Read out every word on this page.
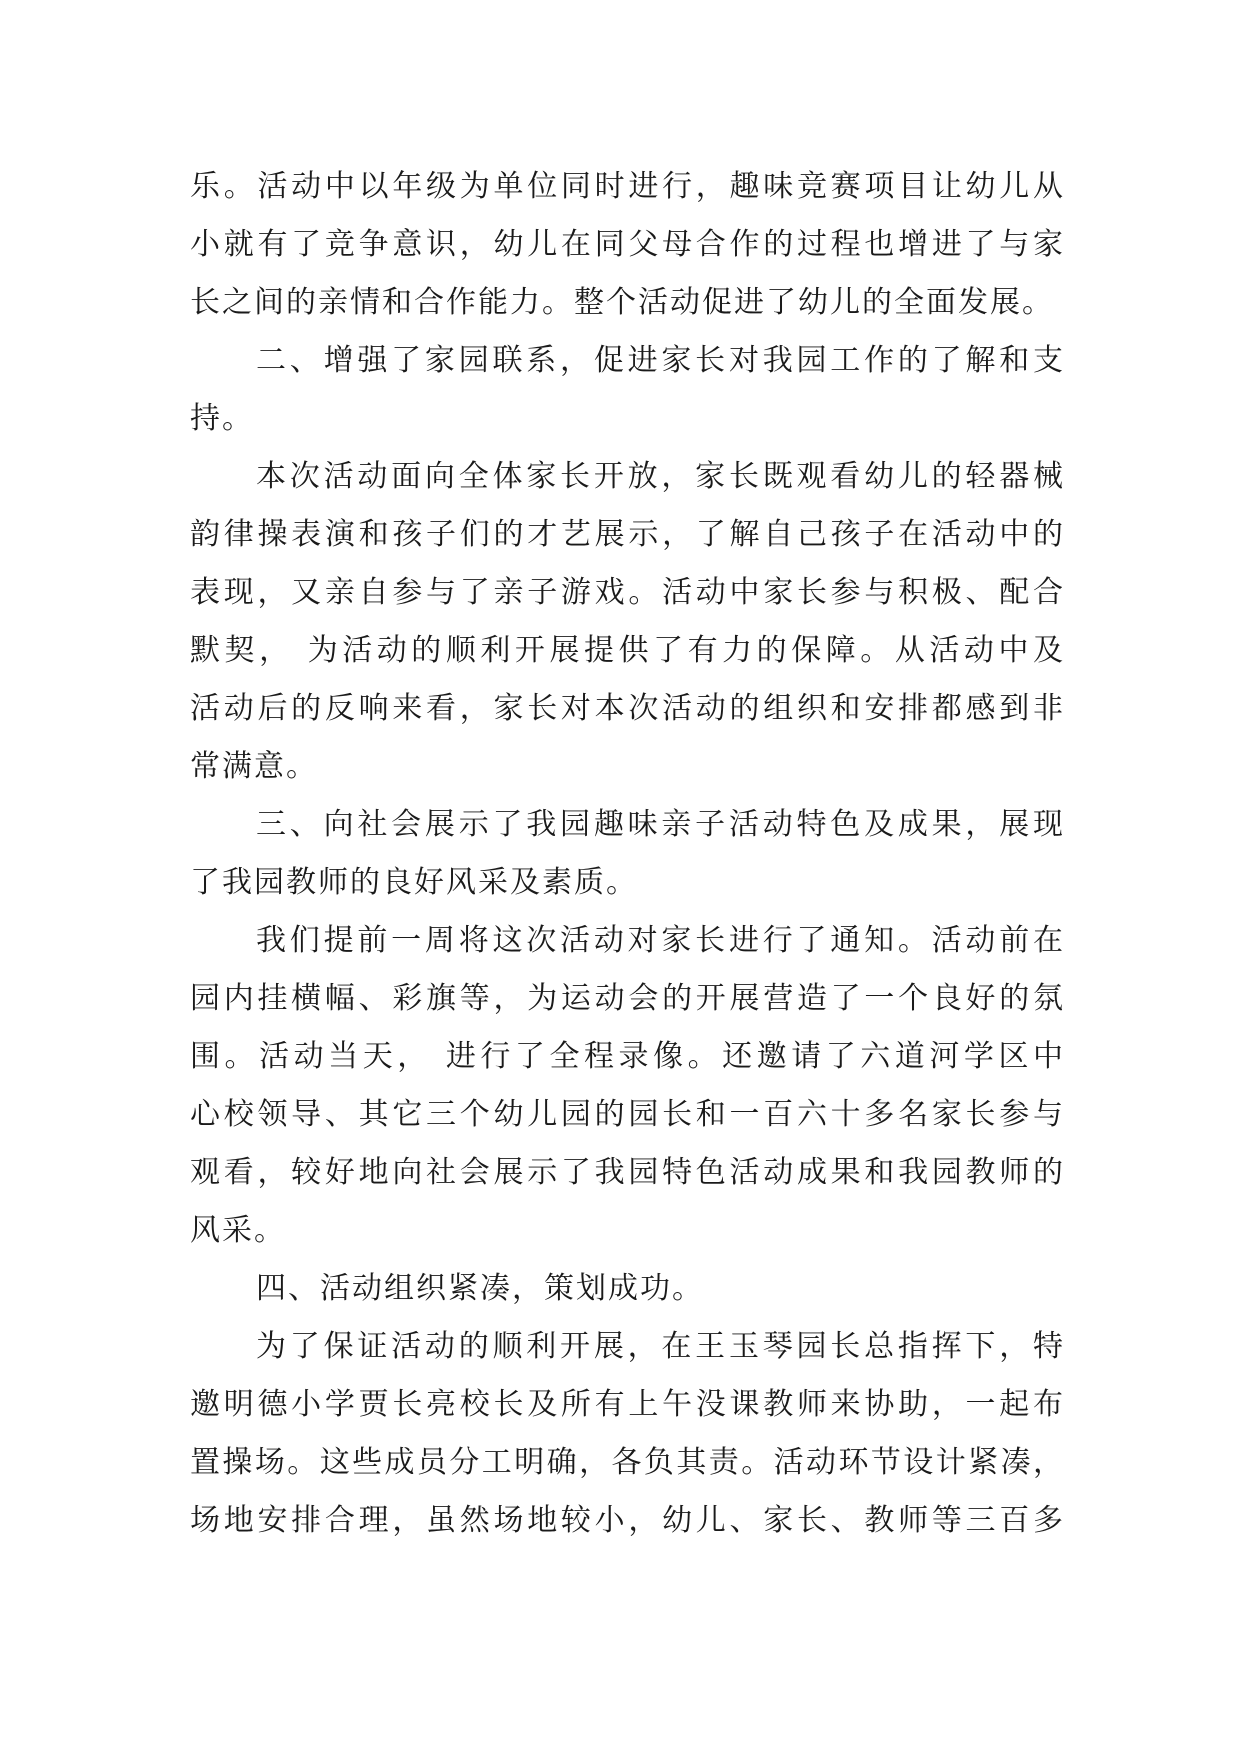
乐。活动中以年级为单位同时进行，趣味竞赛项目让幼儿从
小就有了竞争意识，幼儿在同父母合作的过程也增进了与家
长之间的亲情和合作能力。整个活动促进了幼儿的全面发展。
二、增强了家园联系，促进家长对我园工作的了解和支
持。
本次活动面向全体家长开放，家长既观看幼儿的轻器械
韵律操表演和孩子们的才艺展示，了解自己孩子在活动中的
表现，又亲自参与了亲子游戏。活动中家长参与积极、配合
默契， 为活动的顺利开展提供了有力的保障。从活动中及
活动后的反响来看，家长对本次活动的组织和安排都感到非
常满意。
三、向社会展示了我园趣味亲子活动特色及成果，展现
了我园教师的良好风采及素质。
我们提前一周将这次活动对家长进行了通知。活动前在
园内挂横幅、彩旗等，为运动会的开展营造了一个良好的氛
围。活动当天， 进行了全程录像。还邀请了六道河学区中
心校领导、其它三个幼儿园的园长和一百六十多名家长参与
观看，较好地向社会展示了我园特色活动成果和我园教师的
风采。
四、活动组织紧凑，策划成功。
为了保证活动的顺利开展，在王玉琴园长总指挥下，特
邀明德小学贾长亮校长及所有上午没课教师来协助，一起布
置操场。这些成员分工明确，各负其责。活动环节设计紧凑，
场地安排合理，虽然场地较小，幼儿、家长、教师等三百多
